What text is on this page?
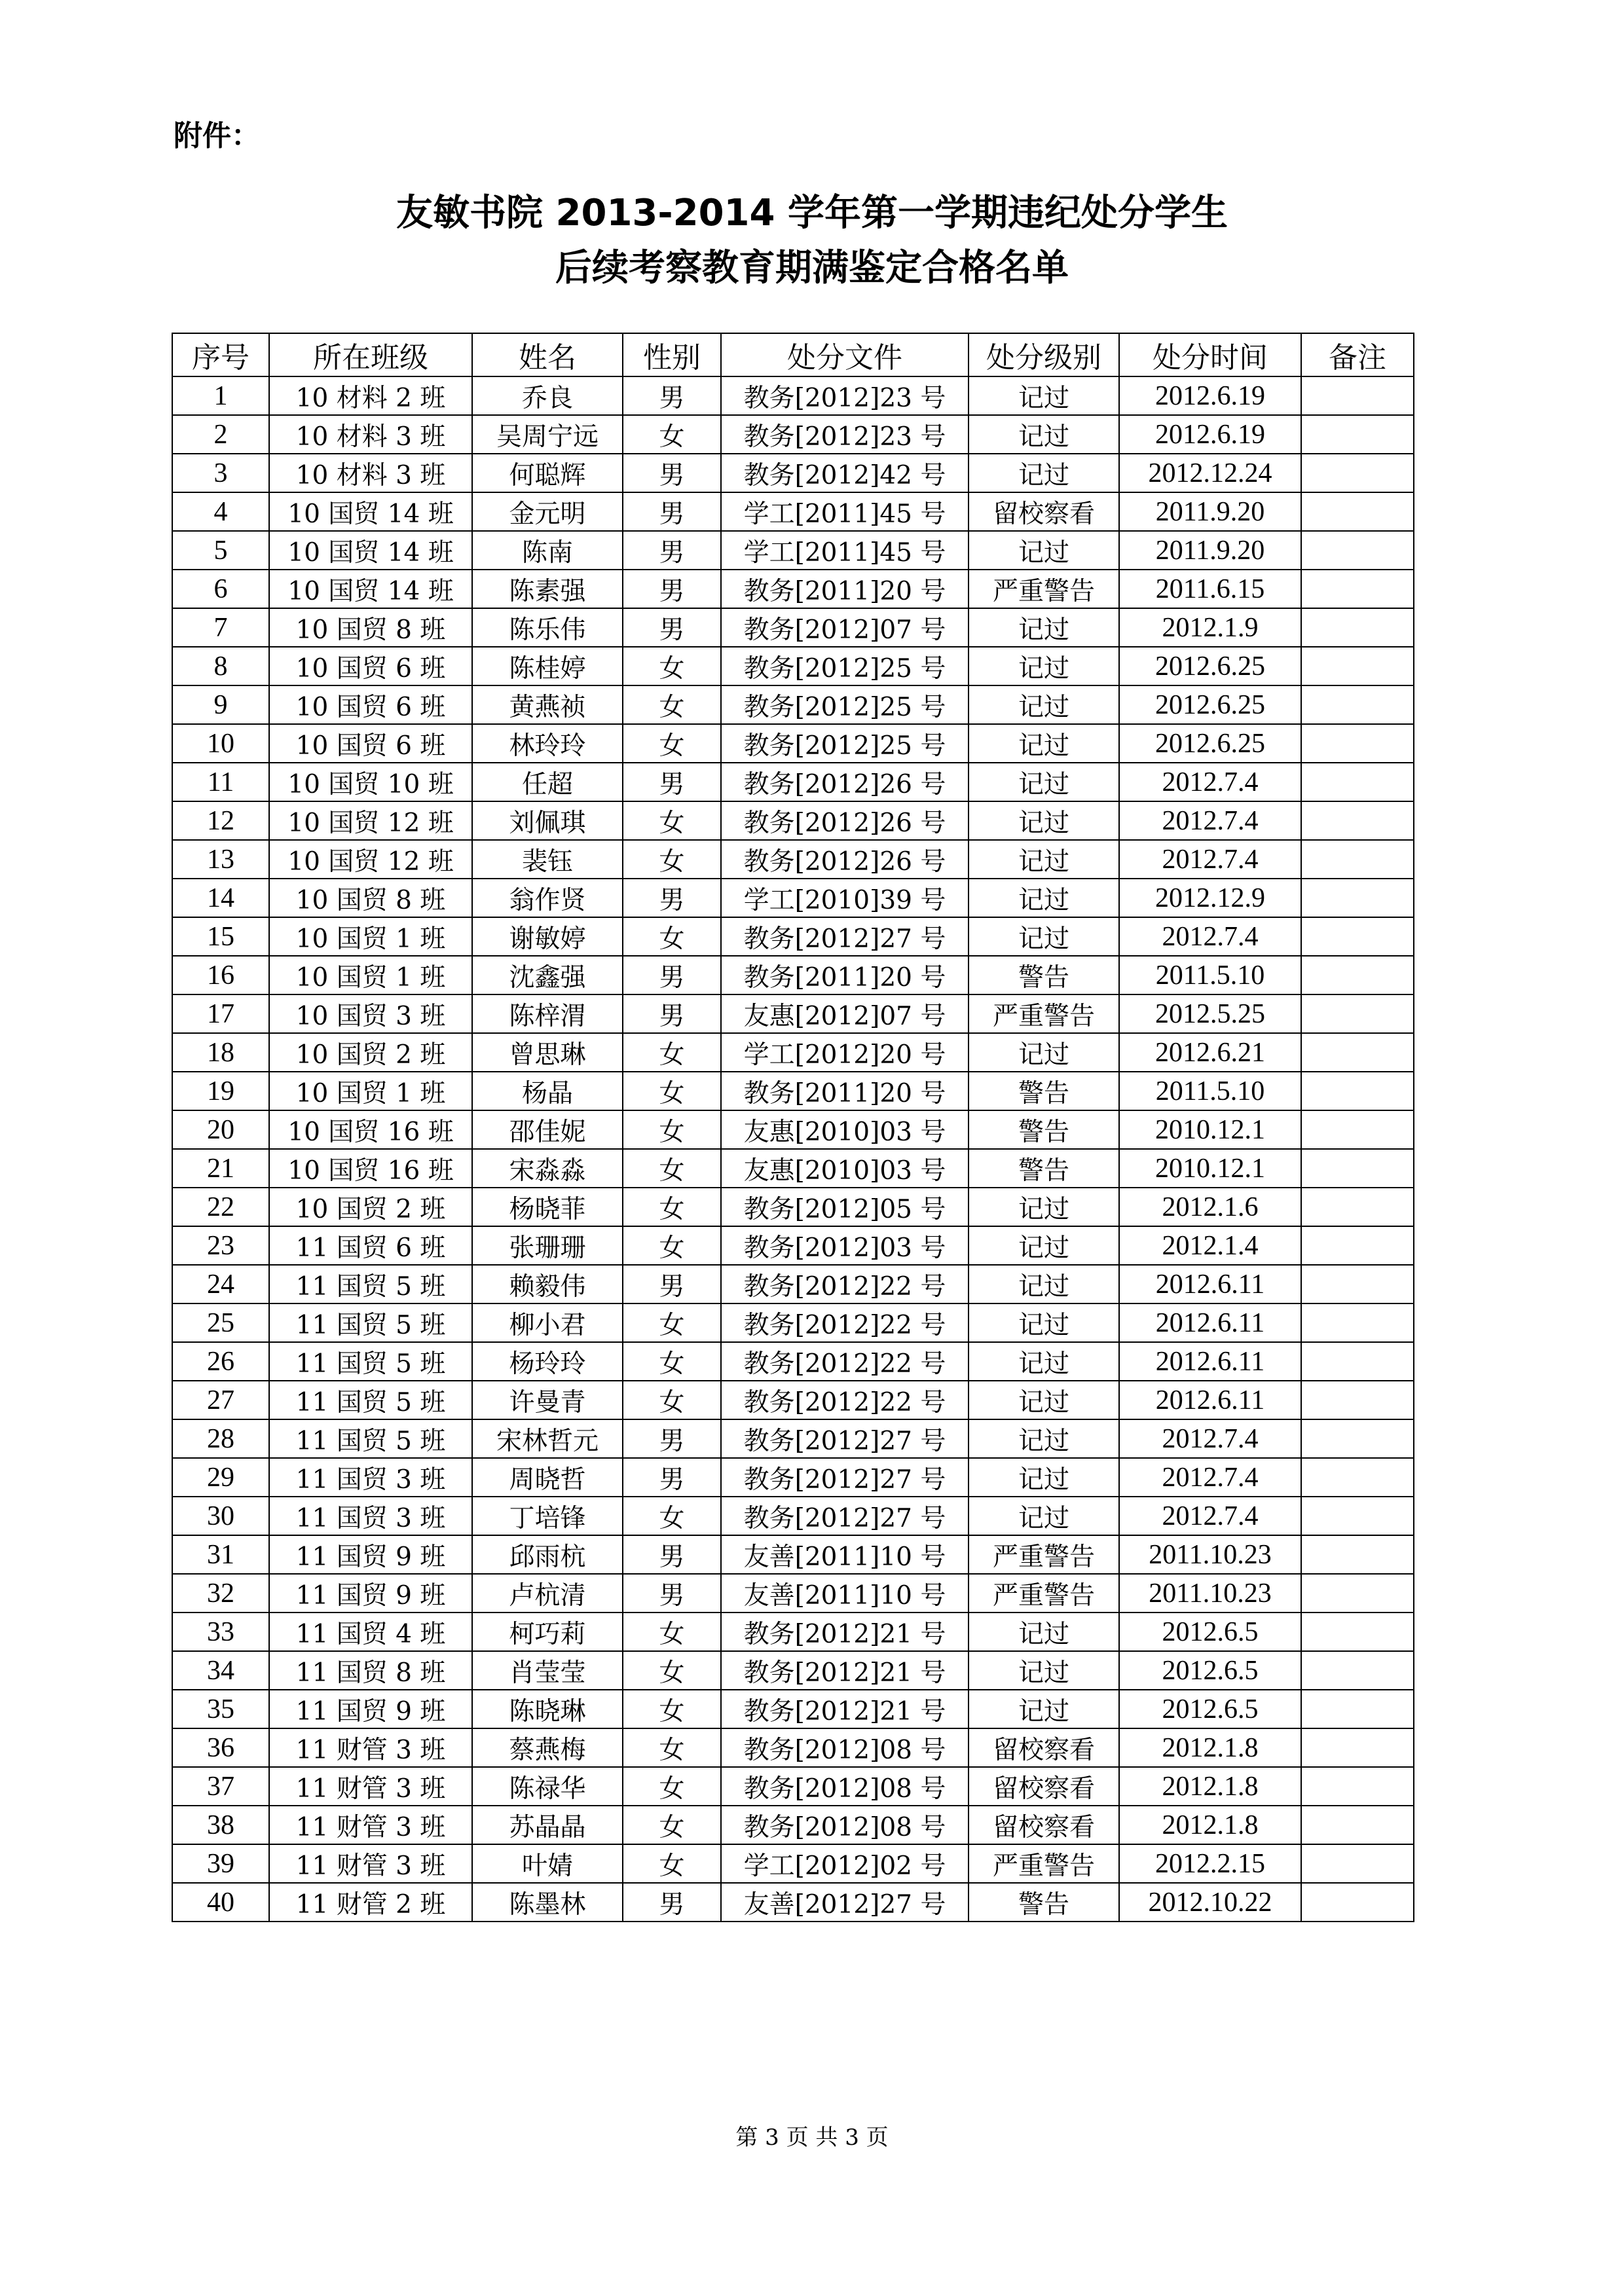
附件：
友敏书院 2013-2014 学年第一学期违纪处分学生
后续考察教育期满鉴定合格名单
序号	所在班级	姓名	性别	处分文件	处分级别	处分时间	备注
1	10 材料 2 班	乔良	男	教务[2012]23 号	记过	2012.6.19	
2	10 材料 3 班	吴周宁远	女	教务[2012]23 号	记过	2012.6.19	
3	10 材料 3 班	何聪辉	男	教务[2012]42 号	记过	2012.12.24	
4	10 国贸 14 班	金元明	男	学工[2011]45 号	留校察看	2011.9.20	
5	10 国贸 14 班	陈南	男	学工[2011]45 号	记过	2011.9.20	
6	10 国贸 14 班	陈素强	男	教务[2011]20 号	严重警告	2011.6.15	
7	10 国贸 8 班	陈乐伟	男	教务[2012]07 号	记过	2012.1.9	
8	10 国贸 6 班	陈桂婷	女	教务[2012]25 号	记过	2012.6.25	
9	10 国贸 6 班	黄燕祯	女	教务[2012]25 号	记过	2012.6.25	
10	10 国贸 6 班	林玲玲	女	教务[2012]25 号	记过	2012.6.25	
11	10 国贸 10 班	任超	男	教务[2012]26 号	记过	2012.7.4	
12	10 国贸 12 班	刘佩琪	女	教务[2012]26 号	记过	2012.7.4	
13	10 国贸 12 班	裴钰	女	教务[2012]26 号	记过	2012.7.4	
14	10 国贸 8 班	翁作贤	男	学工[2010]39 号	记过	2012.12.9	
15	10 国贸 1 班	谢敏婷	女	教务[2012]27 号	记过	2012.7.4	
16	10 国贸 1 班	沈鑫强	男	教务[2011]20 号	警告	2011.5.10	
17	10 国贸 3 班	陈梓渭	男	友惠[2012]07 号	严重警告	2012.5.25	
18	10 国贸 2 班	曾思琳	女	学工[2012]20 号	记过	2012.6.21	
19	10 国贸 1 班	杨晶	女	教务[2011]20 号	警告	2011.5.10	
20	10 国贸 16 班	邵佳妮	女	友惠[2010]03 号	警告	2010.12.1	
21	10 国贸 16 班	宋淼淼	女	友惠[2010]03 号	警告	2010.12.1	
22	10 国贸 2 班	杨晓菲	女	教务[2012]05 号	记过	2012.1.6	
23	11 国贸 6 班	张珊珊	女	教务[2012]03 号	记过	2012.1.4	
24	11 国贸 5 班	赖毅伟	男	教务[2012]22 号	记过	2012.6.11	
25	11 国贸 5 班	柳小君	女	教务[2012]22 号	记过	2012.6.11	
26	11 国贸 5 班	杨玲玲	女	教务[2012]22 号	记过	2012.6.11	
27	11 国贸 5 班	许曼青	女	教务[2012]22 号	记过	2012.6.11	
28	11 国贸 5 班	宋林哲元	男	教务[2012]27 号	记过	2012.7.4	
29	11 国贸 3 班	周晓哲	男	教务[2012]27 号	记过	2012.7.4	
30	11 国贸 3 班	丁培锋	女	教务[2012]27 号	记过	2012.7.4	
31	11 国贸 9 班	邱雨杭	男	友善[2011]10 号	严重警告	2011.10.23	
32	11 国贸 9 班	卢杭清	男	友善[2011]10 号	严重警告	2011.10.23	
33	11 国贸 4 班	柯巧莉	女	教务[2012]21 号	记过	2012.6.5	
34	11 国贸 8 班	肖莹莹	女	教务[2012]21 号	记过	2012.6.5	
35	11 国贸 9 班	陈晓琳	女	教务[2012]21 号	记过	2012.6.5	
36	11 财管 3 班	蔡燕梅	女	教务[2012]08 号	留校察看	2012.1.8	
37	11 财管 3 班	陈禄华	女	教务[2012]08 号	留校察看	2012.1.8	
38	11 财管 3 班	苏晶晶	女	教务[2012]08 号	留校察看	2012.1.8	
39	11 财管 3 班	叶婧	女	学工[2012]02 号	严重警告	2012.2.15	
40	11 财管 2 班	陈墨林	男	友善[2012]27 号	警告	2012.10.22	
第 3 页 共 3 页
